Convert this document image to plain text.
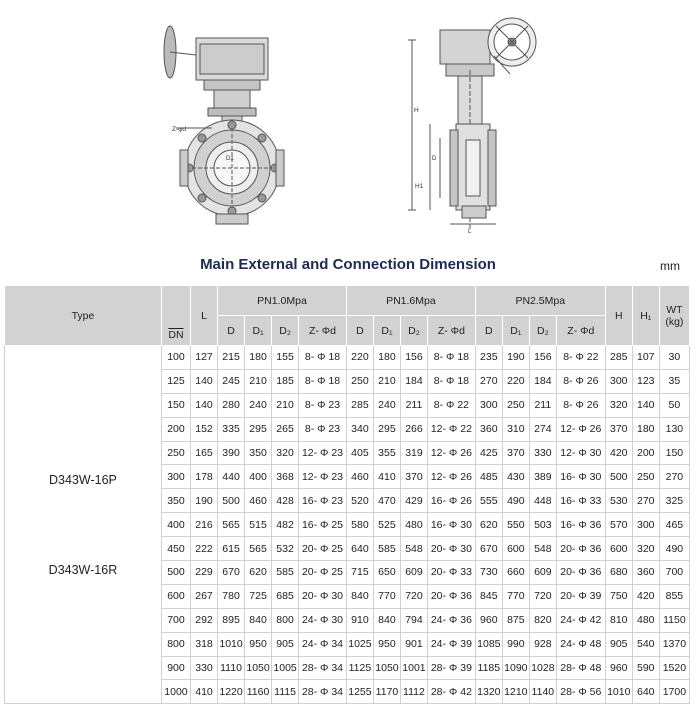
Z-φd
D1
H
H1
D
L
Main External and Connection Dimension	mm
Type	$\overline{DN}$	L	PN1.0Mpa				PN1.6Mpa				PN2.5Mpa				H	H₁	WT (kg)
			D	D₁	D₂	Z- Φd	D	D₁	D₂	Z- Φd	D	D₁	D₂	Z- Φd			

D343W-16P
D343W-16R	100	127	215	180	155	8- Φ 18	220	180	156	8- Φ 18	235	190	156	8- Φ 22	285	107	30
	125	140	245	210	185	8- Φ 18	250	210	184	8- Φ 18	270	220	184	8- Φ 26	300	123	35
	150	140	280	240	210	8- Φ 23	285	240	211	8- Φ 22	300	250	211	8- Φ 26	320	140	50
	200	152	335	295	265	8- Φ 23	340	295	266	12- Φ 22	360	310	274	12- Φ 26	370	180	130
	250	165	390	350	320	12- Φ 23	405	355	319	12- Φ 26	425	370	330	12- Φ 30	420	200	150
	300	178	440	400	368	12- Φ 23	460	410	370	12- Φ 26	485	430	389	16- Φ 30	500	250	270
	350	190	500	460	428	16- Φ 23	520	470	429	16- Φ 26	555	490	448	16- Φ 33	530	270	325
	400	216	565	515	482	16- Φ 25	580	525	480	16- Φ 30	620	550	503	16- Φ 36	570	300	465
	450	222	615	565	532	20- Φ 25	640	585	548	20- Φ 30	670	600	548	20- Φ 36	600	320	490
	500	229	670	620	585	20- Φ 25	715	650	609	20- Φ 33	730	660	609	20- Φ 36	680	360	700
	600	267	780	725	685	20- Φ 30	840	770	720	20- Φ 36	845	770	720	20- Φ 39	750	420	855
	700	292	895	840	800	24- Φ 30	910	840	794	24- Φ 36	960	875	820	24- Φ 42	810	480	1150
	800	318	1010	950	905	24- Φ 34	1025	950	901	24- Φ 39	1085	990	928	24- Φ 48	905	540	1370
	900	330	1110	1050	1005	28- Φ 34	1125	1050	1001	28- Φ 39	1185	1090	1028	28- Φ 48	960	590	1520
	1000	410	1220	1160	1115	28- Φ 34	1255	1170	1112	28- Φ 42	1320	1210	1140	28- Φ 56	1010	640	1700
